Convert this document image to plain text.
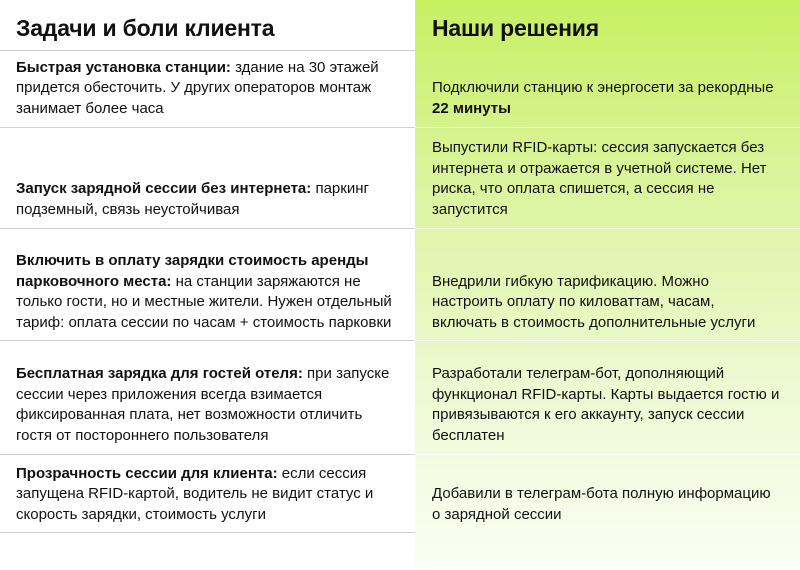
Задачи и боли клиента	Наши решения
Быстрая установка станции: здание на 30 этажей придется обесточить. У других операторов монтаж занимает более часа
Подключили станцию к энергосети за рекордные 22 минуты
Запуск зарядной сессии без интернета: паркинг подземный, связь неустойчивая
Выпустили RFID-карты: сессия запускается без интернета и отражается в учетной системе. Нет риска, что оплата спишется, а сессия не запустится
Включить в оплату зарядки стоимость аренды парковочного места: на станции заряжаются не только гости, но и местные жители. Нужен отдельный тариф: оплата сессии по часам + стоимость парковки
Внедрили гибкую тарификацию. Можно настроить оплату по киловаттам, часам, включать в стоимость дополнительные услуги
Бесплатная зарядка для гостей отеля: при запуске сессии через приложения всегда взимается фиксированная плата, нет возможности отличить гостя от постороннего пользователя
Разработали телеграм-бот, дополняющий функционал RFID-карты. Карты выдается гостю и привязываются к его аккаунту, запуск сессии бесплатен
Прозрачность сессии для клиента: если сессия запущена RFID-картой, водитель не видит статус и скорость зарядки, стоимость услуги
Добавили в телеграм-бота полную информацию о зарядной сессии
